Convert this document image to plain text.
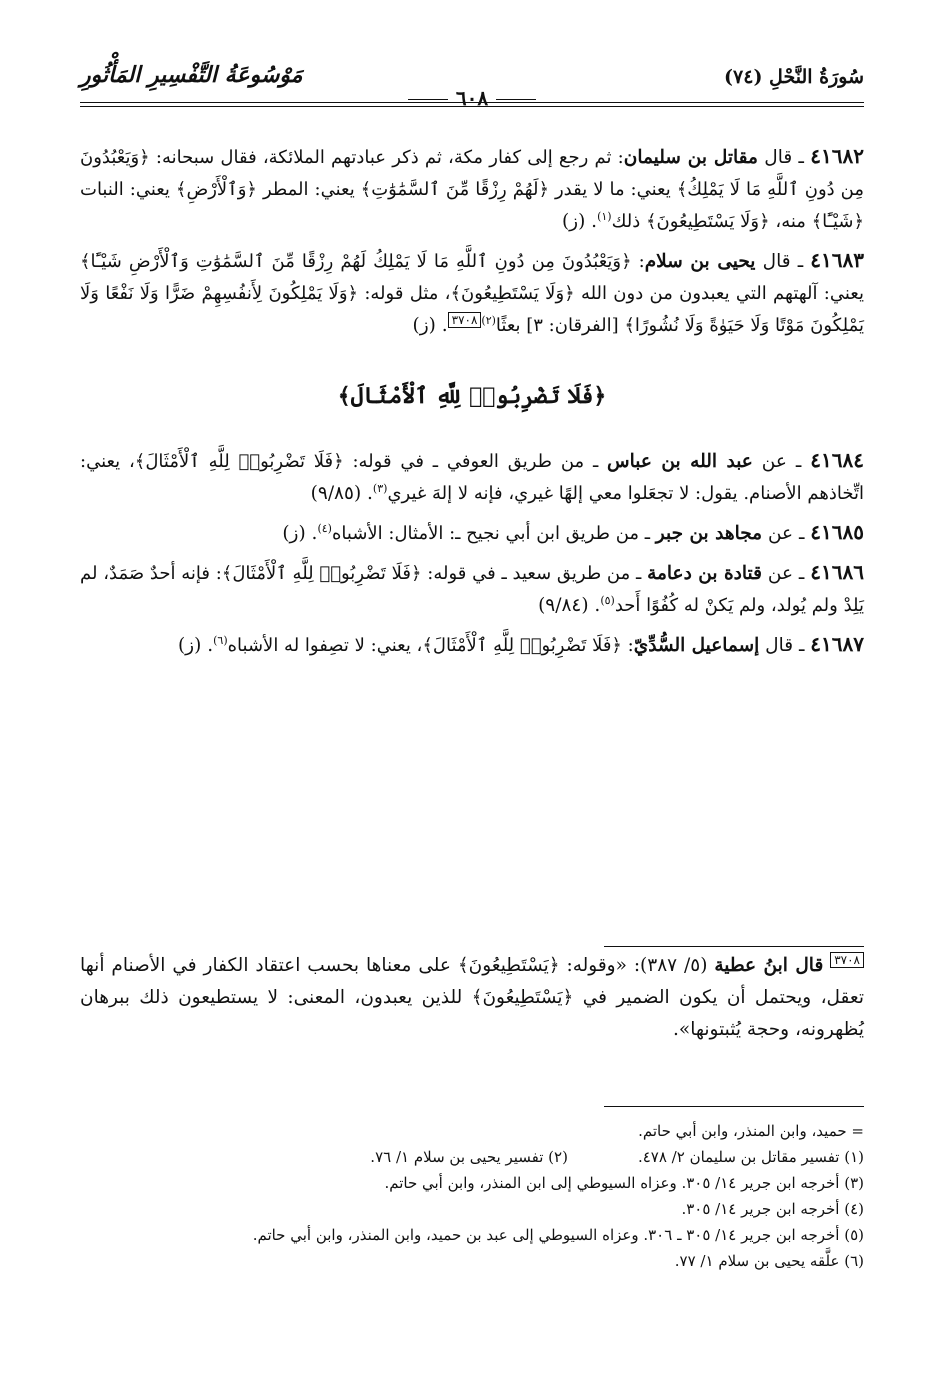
سُورَةُ النَّحْلِ (٧٤)
مَوْسُوعَةُ التَّفْسِيرِ المَأْثُورِ
٦٠٨

٤١٦٨٢ ـ قال مقاتل بن سليمان: ثم رجع إلى كفار مكة، ثم ذكر عبادتهم الملائكة، فقال سبحانه: ﴿وَيَعْبُدُونَ مِن دُونِ ٱللَّهِ مَا لَا يَمْلِكُ﴾ يعني: ما لا يقدر ﴿لَهُمْ رِزْقًا مِّنَ ٱلسَّمَٰوَٰتِ﴾ يعني: المطر ﴿وَٱلْأَرْضِ﴾ يعني: النبات ﴿شَيْـًٔا﴾ منه، ﴿وَلَا يَسْتَطِيعُونَ﴾ ذلك$^{(١)}$. (ز)

٤١٦٨٣ ـ قال يحيى بن سلام: ﴿وَيَعْبُدُونَ مِن دُونِ ٱللَّهِ مَا لَا يَمْلِكُ لَهُمْ رِزْقًا مِّنَ ٱلسَّمَٰوَٰتِ وَٱلْأَرْضِ شَيْـًٔا﴾ يعني: آلهتهم التي يعبدون من دون الله ﴿وَلَا يَسْتَطِيعُونَ﴾، مثل قوله: ﴿وَلَا يَمْلِكُونَ لِأَنفُسِهِمْ ضَرًّا وَلَا نَفْعًا وَلَا يَمْلِكُونَ مَوْتًا وَلَا حَيَوٰةً وَلَا نُشُورًا﴾ [الفرقان: ٣] بعثًا$^{(٢)}$٣٧٠٨. (ز)

﴿فَلَا تَضْرِبُوا۟ لِلَّهِ ٱلْأَمْثَالَ﴾

٤١٦٨٤ ـ عن عبد الله بن عباس ـ من طريق العوفي ـ في قوله: ﴿فَلَا تَضْرِبُوا۟ لِلَّهِ ٱلْأَمْثَالَ﴾، يعني: اتِّخاذهم الأصنام. يقول: لا تجعَلوا معي إلهًا غيري، فإنه لا إلهَ غيري$^{(٣)}$. (٩/٨٥)

٤١٦٨٥ ـ عن مجاهد بن جبر ـ من طريق ابن أبي نجيح ـ: الأمثال: الأشباه$^{(٤)}$. (ز)

٤١٦٨٦ ـ عن قتادة بن دعامة ـ من طريق سعيد ـ في قوله: ﴿فَلَا تَضْرِبُوا۟ لِلَّهِ ٱلْأَمْثَالَ﴾: فإنه أحدٌ صَمَدٌ، لم يَلِدْ ولم يُولد، ولم يَكنْ له كُفُوًا أَحد$^{(٥)}$. (٩/٨٤)

٤١٦٨٧ ـ قال إسماعيل السُّدِّيّ: ﴿فَلَا تَضْرِبُوا۟ لِلَّهِ ٱلْأَمْثَالَ﴾، يعني: لا تصِفوا له الأشباه$^{(٦)}$. (ز)

٣٧٠٨ قال ابنُ عطية (٥/ ٣٨٧): «وقوله: ﴿يَسْتَطِيعُونَ﴾ على معناها بحسب اعتقاد الكفار في الأصنام أنها تعقل، ويحتمل أن يكون الضمير في ﴿يَسْتَطِيعُونَ﴾ للذين يعبدون، المعنى: لا يستطيعون ذلك ببرهان يُظهرونه، وحجة يُثبتونها».

= حميد، وابن المنذر، وابن أبي حاتم.

(١) تفسير مقاتل بن سليمان ٢/ ٤٧٨.

(٢) تفسير يحيى بن سلام ١/ ٧٦.

(٣) أخرجه ابن جرير ١٤/ ٣٠٥. وعزاه السيوطي إلى ابن المنذر، وابن أبي حاتم.

(٤) أخرجه ابن جرير ١٤/ ٣٠٥.

(٥) أخرجه ابن جرير ١٤/ ٣٠٥ ـ ٣٠٦. وعزاه السيوطي إلى عبد بن حميد، وابن المنذر، وابن أبي حاتم.

(٦) علَّقه يحيى بن سلام ١/ ٧٧.
